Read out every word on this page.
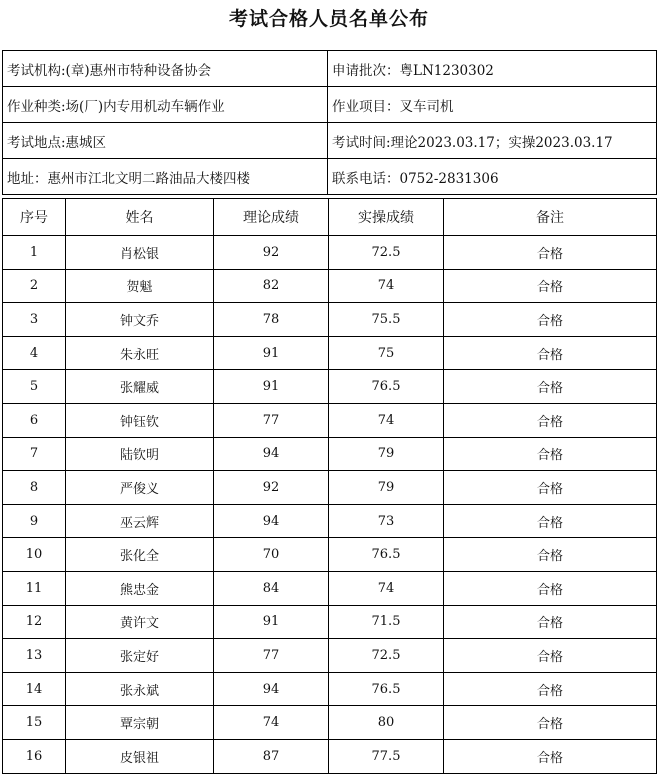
考试合格人员名单公布
考试机构:(章)惠州市特种设备协会	申请批次：粤LN1230302
作业种类:场(厂)内专用机动车辆作业	作业项目：叉车司机
考试地点:惠城区	考试时间:理论2023.03.17；实操2023.03.17
地址：惠州市江北文明二路油品大楼四楼	联系电话：0752-2831306
序号	姓名	理论成绩	实操成绩	备注
1	肖松银	92	72.5	合格
2	贺魁	82	74	合格
3	钟文乔	78	75.5	合格
4	朱永旺	91	75	合格
5	张耀威	91	76.5	合格
6	钟钰钦	77	74	合格
7	陆钦明	94	79	合格
8	严俊义	92	79	合格
9	巫云辉	94	73	合格
10	张化全	70	76.5	合格
11	熊忠金	84	74	合格
12	黄许文	91	71.5	合格
13	张定好	77	72.5	合格
14	张永斌	94	76.5	合格
15	覃宗朝	74	80	合格
16	皮银祖	87	77.5	合格
